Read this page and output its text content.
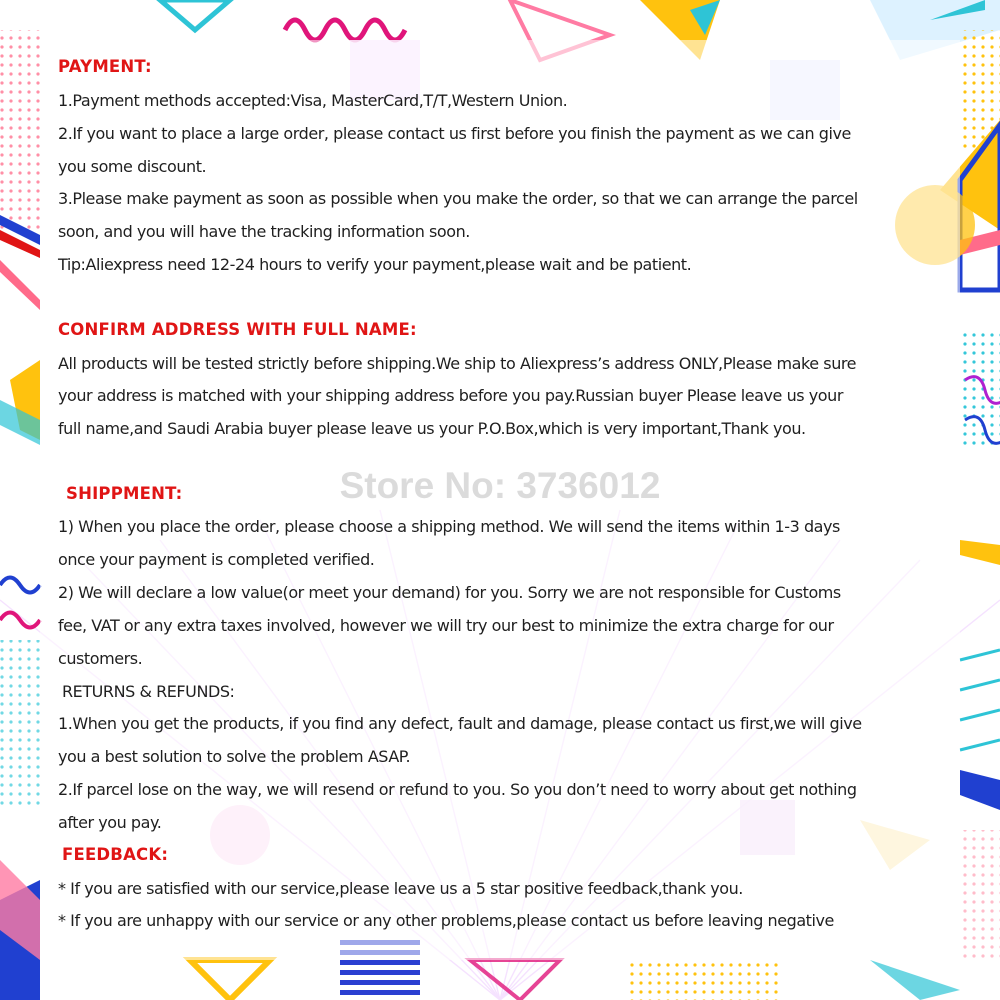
Store No: 3736012
PAYMENT:
1.Payment methods accepted:Visa, MasterCard,T/T,Western Union.
2.If you want to place a large order, please contact us first before you finish the payment as we can give
you some discount.
3.Please make payment as soon as possible when you make the order, so that we can arrange the parcel
soon, and you will have the tracking information soon.
Tip:Aliexpress need 12-24 hours to verify your payment,please wait and be patient.
CONFIRM ADDRESS WITH FULL NAME:
All products will be tested strictly before shipping.We ship to Aliexpress’s address ONLY,Please make sure
your address is matched with your shipping address before you pay.Russian buyer Please leave us your
full name,and Saudi Arabia buyer please leave us your P.O.Box,which is very important,Thank you.
SHIPPMENT:
1) When you place the order, please choose a shipping method. We will send the items within 1-3 days
once your payment is completed verified.
2) We will declare a low value(or meet your demand) for you. Sorry we are not responsible for Customs
fee, VAT or any extra taxes involved, however we will try our best to minimize the extra charge for our
customers.
RETURNS & REFUNDS:
1.When you get the products, if you find any defect, fault and damage, please contact us first,we will give
you a best solution to solve the problem ASAP.
2.If parcel lose on the way, we will resend or refund to you. So you don’t need to worry about get nothing
after you pay.
FEEDBACK:
* If you are satisfied with our service,please leave us a 5 star positive feedback,thank you.
* If you are unhappy with our service or any other problems,please contact us before leaving negative
